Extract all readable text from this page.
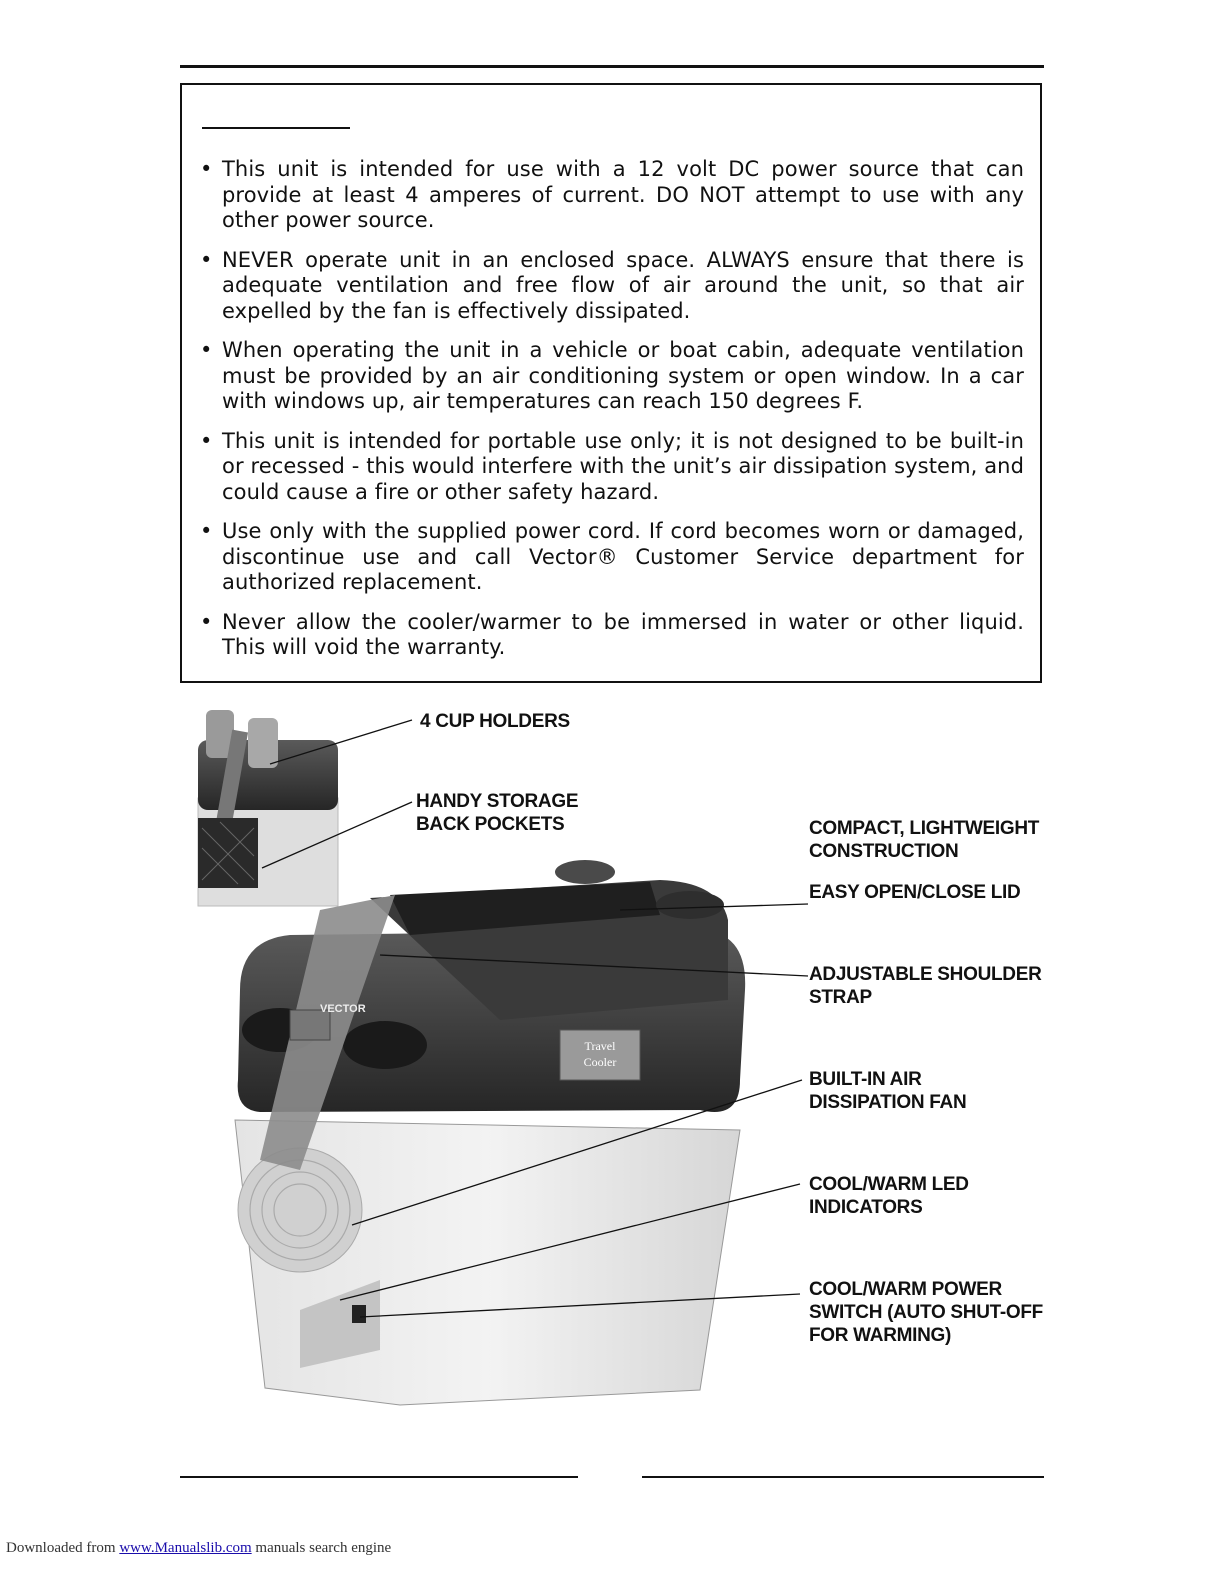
• This unit is intended for use with a 12 volt DC power source that can provide at least 4 amperes of current. DO NOT attempt to use with any other power source.
• NEVER operate unit in an enclosed space. ALWAYS ensure that there is adequate ventilation and free flow of air around the unit, so that air expelled by the fan is effectively dissipated.
• When operating the unit in a vehicle or boat cabin, adequate ventilation must be provided by an air conditioning system or open window. In a car with windows up, air temperatures can reach 150 degrees F.
• This unit is intended for portable use only; it is not designed to be built-in or recessed - this would interfere with the unit’s air dissipation system, and could cause a fire or other safety hazard.
• Use only with the supplied power cord. If cord becomes worn or damaged, discontinue use and call Vector® Customer Service department for authorized replacement.
• Never allow the cooler/warmer to be immersed in water or other liquid. This will void the warranty.
VECTOR
Travel
Cooler
4 CUP HOLDERS
HANDY STORAGE
BACK POCKETS	COMPACT, LIGHTWEIGHT
CONSTRUCTION
EASY OPEN/CLOSE LID
ADJUSTABLE SHOULDER
STRAP
BUILT-IN AIR
DISSIPATION FAN
COOL/WARM LED
INDICATORS
COOL/WARM POWER
SWITCH (AUTO SHUT-OFF
FOR WARMING)
Downloaded from www.Manualslib.com manuals search engine
